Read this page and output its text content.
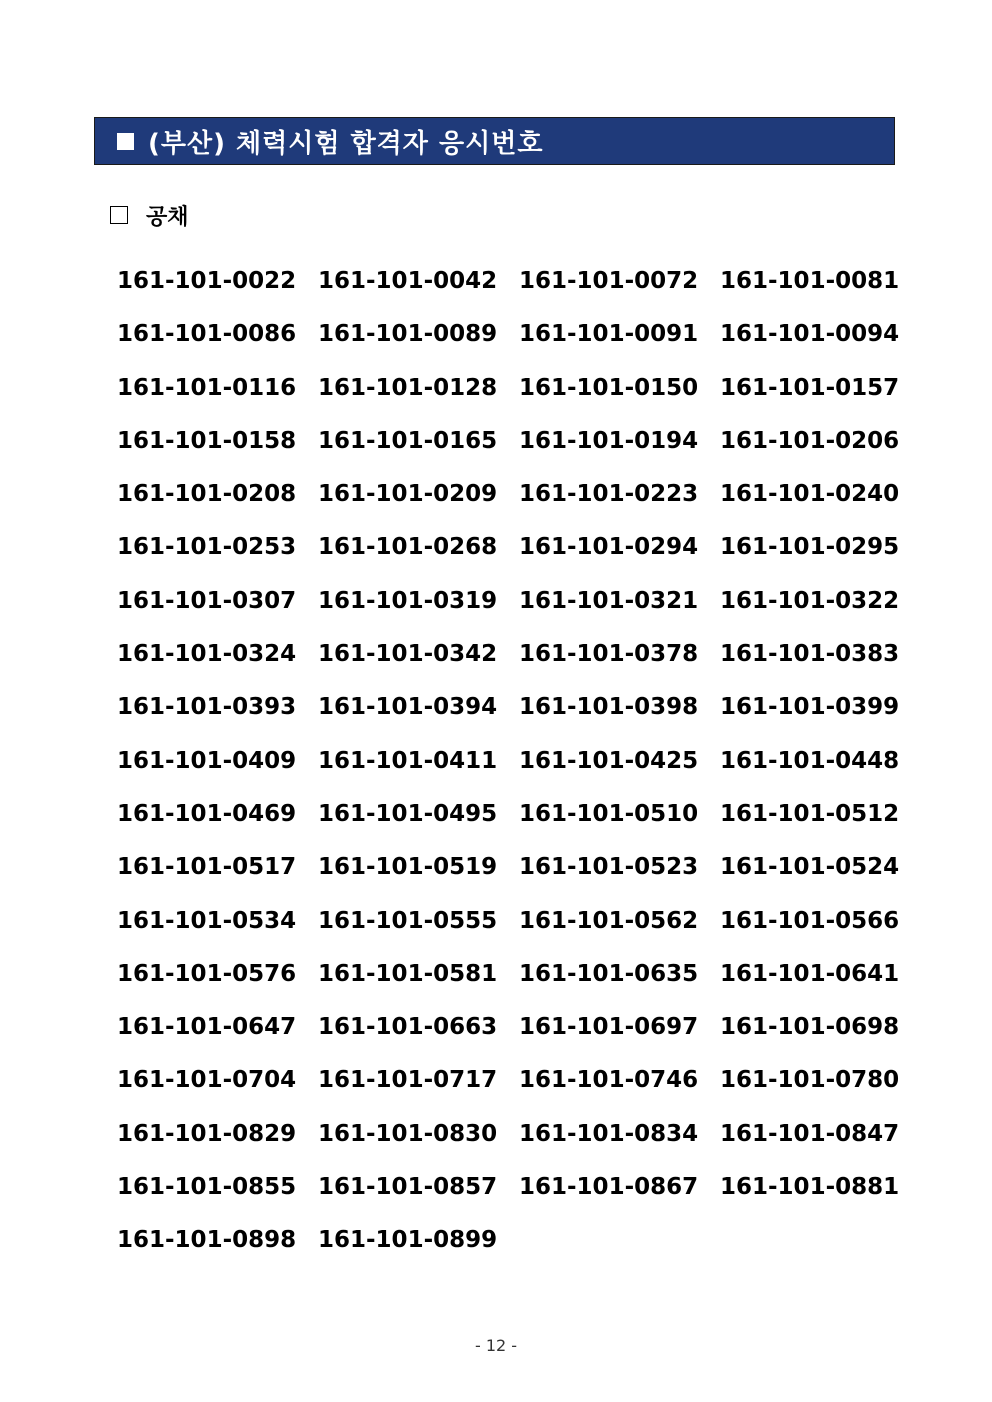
(부산) 체력시험 합격자 응시번호
공채
161-101-0022 161-101-0042 161-101-0072 161-101-0081
161-101-0086 161-101-0089 161-101-0091 161-101-0094
161-101-0116 161-101-0128 161-101-0150 161-101-0157
161-101-0158 161-101-0165 161-101-0194 161-101-0206
161-101-0208 161-101-0209 161-101-0223 161-101-0240
161-101-0253 161-101-0268 161-101-0294 161-101-0295
161-101-0307 161-101-0319 161-101-0321 161-101-0322
161-101-0324 161-101-0342 161-101-0378 161-101-0383
161-101-0393 161-101-0394 161-101-0398 161-101-0399
161-101-0409 161-101-0411 161-101-0425 161-101-0448
161-101-0469 161-101-0495 161-101-0510 161-101-0512
161-101-0517 161-101-0519 161-101-0523 161-101-0524
161-101-0534 161-101-0555 161-101-0562 161-101-0566
161-101-0576 161-101-0581 161-101-0635 161-101-0641
161-101-0647 161-101-0663 161-101-0697 161-101-0698
161-101-0704 161-101-0717 161-101-0746 161-101-0780
161-101-0829 161-101-0830 161-101-0834 161-101-0847
161-101-0855 161-101-0857 161-101-0867 161-101-0881
161-101-0898 161-101-0899
- 12 -
